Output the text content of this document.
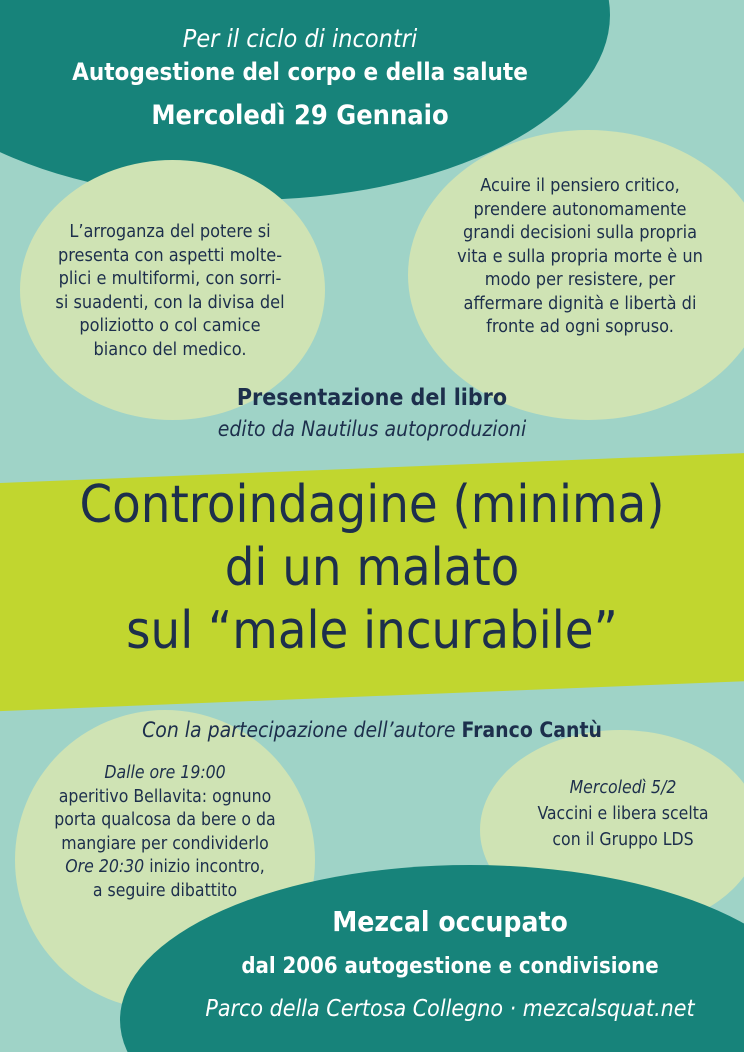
Per il ciclo di incontri
Autogestione del corpo e della salute
Mercoledì 29 Gennaio
L’arroganza del potere si
presenta con aspetti molte-
plici e multiformi, con sorri-
si suadenti, con la divisa del
poliziotto o col camice
bianco del medico.
Acuire il pensiero critico,
prendere autonomamente
grandi decisioni sulla propria
vita e sulla propria morte è un
modo per resistere, per
affermare dignità e libertà di
fronte ad ogni sopruso.
Presentazione del libro
edito da Nautilus autoproduzioni
Controindagine (minima)
di un malato
sul “male incurabile”
Con la partecipazione dell’autore Franco Cantù
Dalle ore 19:00
aperitivo Bellavita: ognuno
porta qualcosa da bere o da
mangiare per condividerlo
Ore 20:30 inizio incontro,
a seguire dibattito
Mercoledì 5/2
Vaccini e libera scelta
con il Gruppo LDS
Mezcal occupato
dal 2006 autogestione e condivisione
Parco della Certosa Collegno · mezcalsquat.net
